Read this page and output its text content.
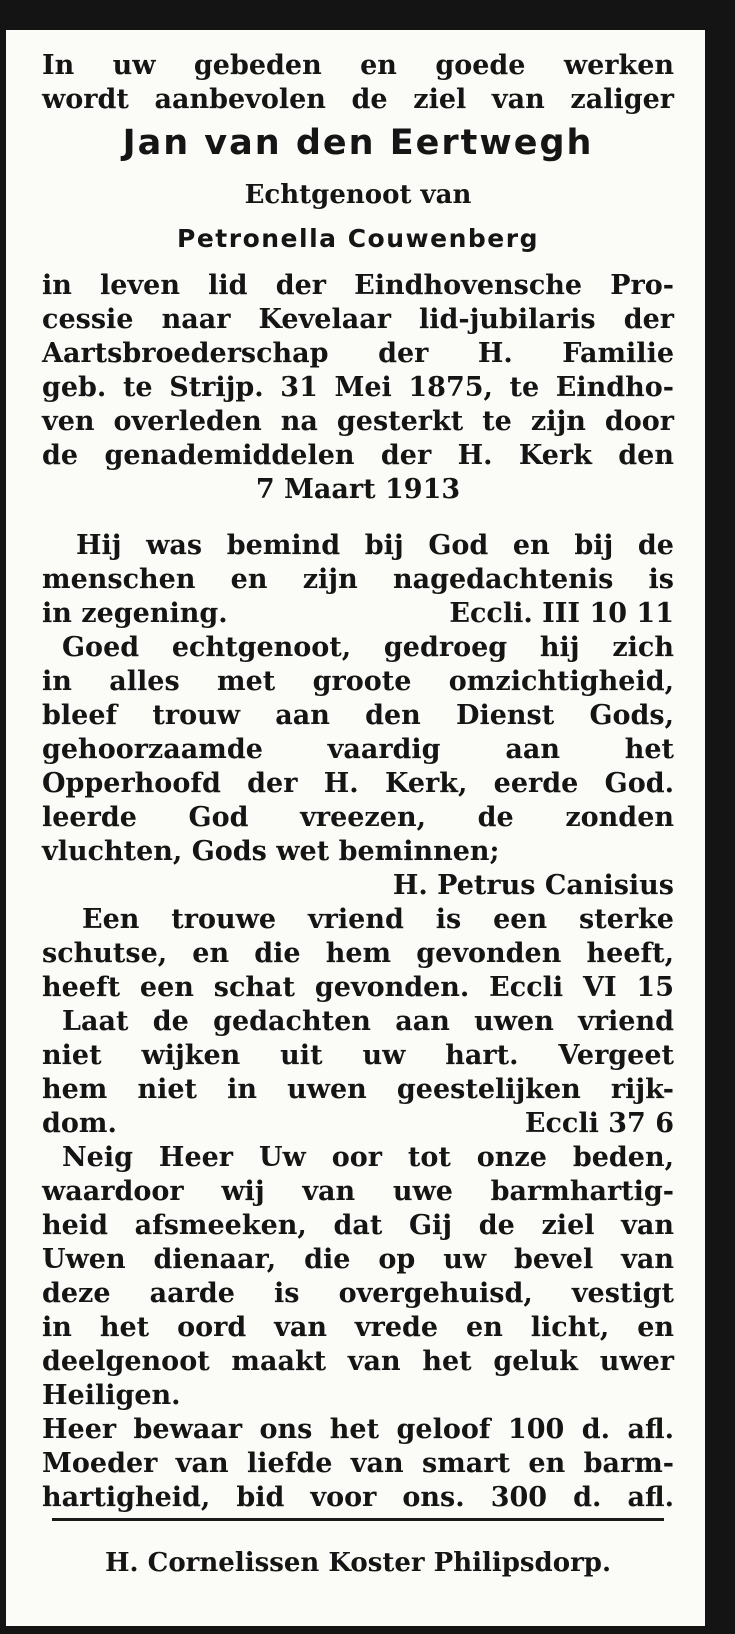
In uw gebeden en goede werken
wordt aanbevolen de ziel van zaliger
Jan van den Eertwegh
Echtgenoot van
Petronella Couwenberg
in leven lid der Eindhovensche Pro-
cessie naar Kevelaar lid-jubilaris der
Aartsbroederschap der H. Familie
geb. te Strijp. 31 Mei 1875, te Eindho-
ven overleden na gesterkt te zijn door
de genademiddelen der H. Kerk den
7 Maart 1913
Hij was bemind bij God en bij de
menschen en zijn nagedachtenis is
in zegening.	Eccli. III 10 11
Goed echtgenoot, gedroeg hij zich
in alles met groote omzichtigheid,
bleef trouw aan den Dienst Gods,
gehoorzaamde vaardig aan het
Opperhoofd der H. Kerk, eerde God.
leerde God vreezen, de zonden
vluchten, Gods wet beminnen;
H. Petrus Canisius
Een trouwe vriend is een sterke
schutse, en die hem gevonden heeft,
heeft een schat gevonden. Eccli VI 15
Laat de gedachten aan uwen vriend
niet wijken uit uw hart. Vergeet
hem niet in uwen geestelijken rijk-
dom.	Eccli 37 6
Neig Heer Uw oor tot onze beden,
waardoor wij van uwe barmhartig-
heid afsmeeken, dat Gij de ziel van
Uwen dienaar, die op uw bevel van
deze aarde is overgehuisd, vestigt
in het oord van vrede en licht, en
deelgenoot maakt van het geluk uwer
Heiligen.
Heer bewaar ons het geloof 100 d. afl.
Moeder van liefde van smart en barm-
hartigheid, bid voor ons. 300 d. afl.
H. Cornelissen Koster Philipsdorp.
